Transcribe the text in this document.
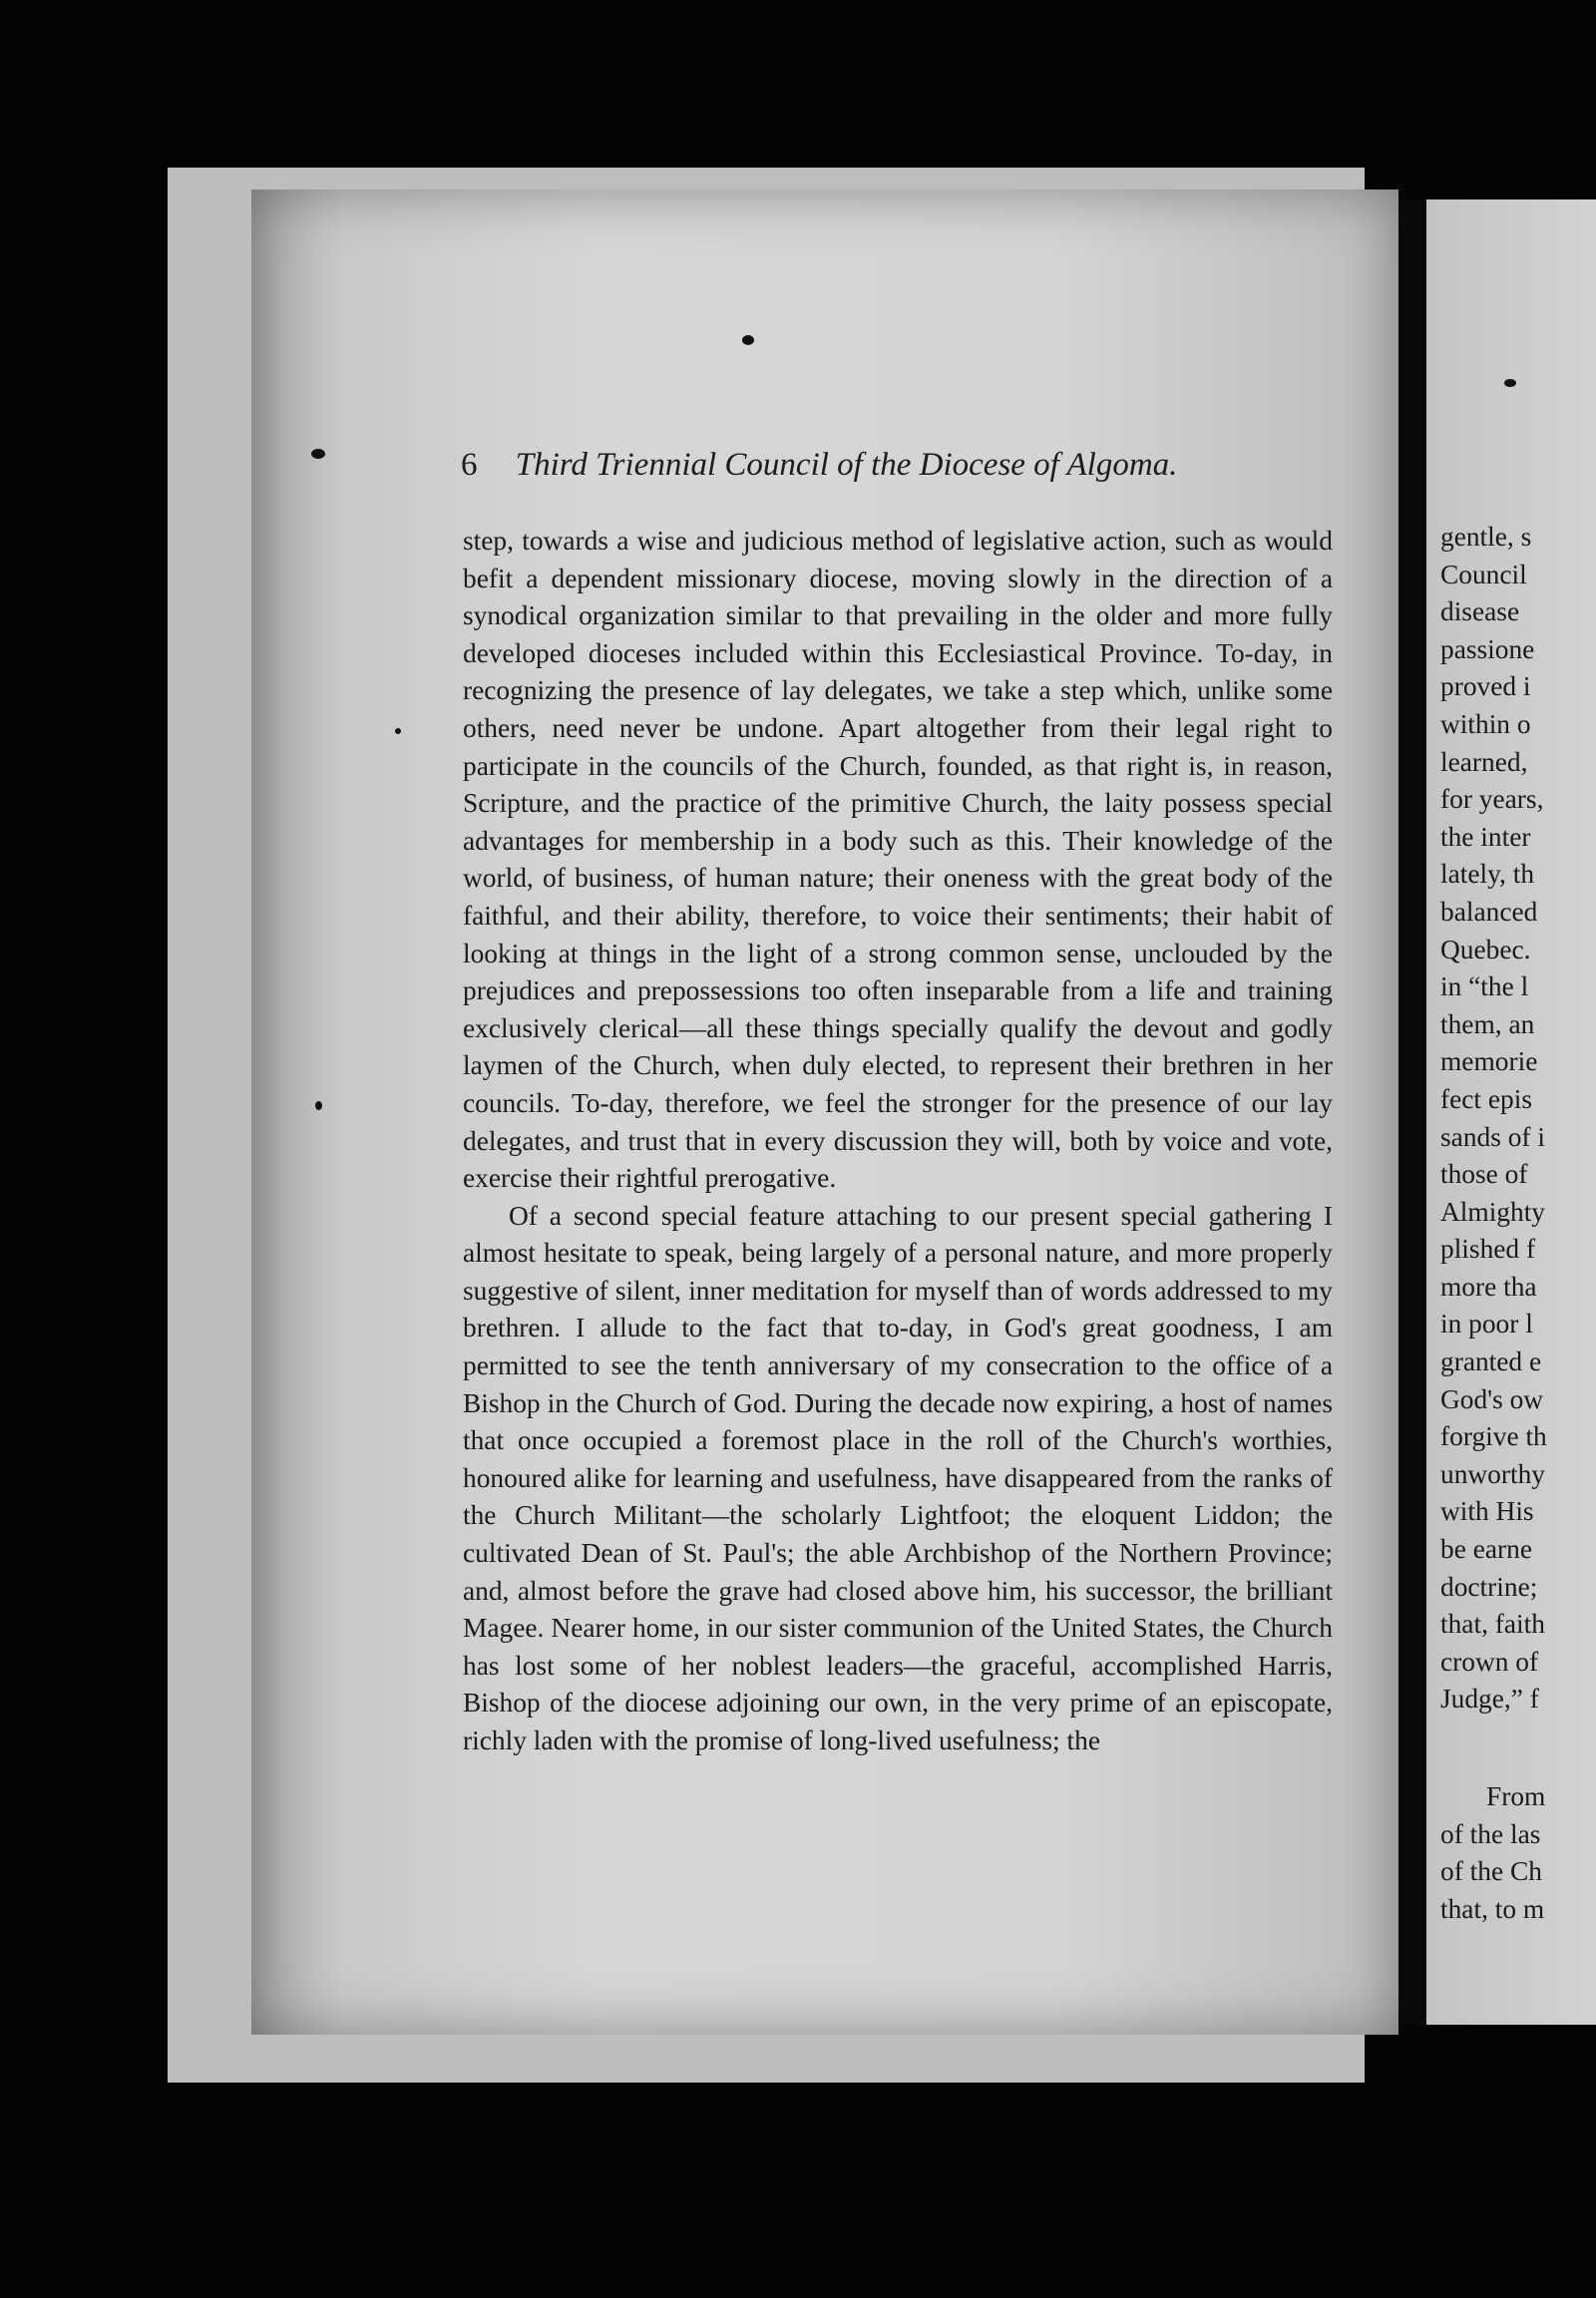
gentle, s
Council
disease
passione
proved i
within o
learned,
for years,
the inter
lately, th
balanced
Quebec.
in “the l
them, an
memorie
fect epis
sands of i
those of
Almighty
plished f
more tha
in poor l
granted e
God's ow
forgive th
unworthy
with His
be earne
doctrine;
that, faith
crown of
Judge,” f
From
of the las
of the Ch
that, to m
6 Third Triennial Council of the Diocese of Algoma.

step, towards a wise and judicious method of legislative action, such as would befit a dependent missionary diocese, moving slowly in the direction of a synodical organization similar to that prevailing in the older and more fully developed dioceses included within this Ecclesiastical Province. To-day, in recognizing the presence of lay delegates, we take a step which, unlike some others, need never be undone. Apart altogether from their legal right to participate in the councils of the Church, founded, as that right is, in reason, Scripture, and the practice of the primitive Church, the laity possess special advantages for membership in a body such as this. Their knowledge of the world, of business, of human nature; their oneness with the great body of the faithful, and their ability, therefore, to voice their sentiments; their habit of looking at things in the light of a strong common sense, unclouded by the prejudices and prepossessions too often inseparable from a life and training exclusively clerical—all these things specially qualify the devout and godly laymen of the Church, when duly elected, to represent their brethren in her councils. To-day, therefore, we feel the stronger for the presence of our lay delegates, and trust that in every discussion they will, both by voice and vote, exercise their rightful prerogative.

Of a second special feature attaching to our present special gathering I almost hesitate to speak, being largely of a personal nature, and more properly suggestive of silent, inner meditation for myself than of words addressed to my brethren. I allude to the fact that to-day, in God's great goodness, I am permitted to see the tenth anniversary of my consecration to the office of a Bishop in the Church of God. During the decade now expiring, a host of names that once occupied a foremost place in the roll of the Church's worthies, honoured alike for learning and usefulness, have disappeared from the ranks of the Church Militant—the scholarly Lightfoot; the eloquent Liddon; the cultivated Dean of St. Paul's; the able Archbishop of the Northern Province; and, almost before the grave had closed above him, his successor, the brilliant Magee. Nearer home, in our sister communion of the United States, the Church has lost some of her noblest leaders—the graceful, accomplished Harris, Bishop of the diocese adjoining our own, in the very prime of an episcopate, richly laden with the promise of long-lived usefulness; the
